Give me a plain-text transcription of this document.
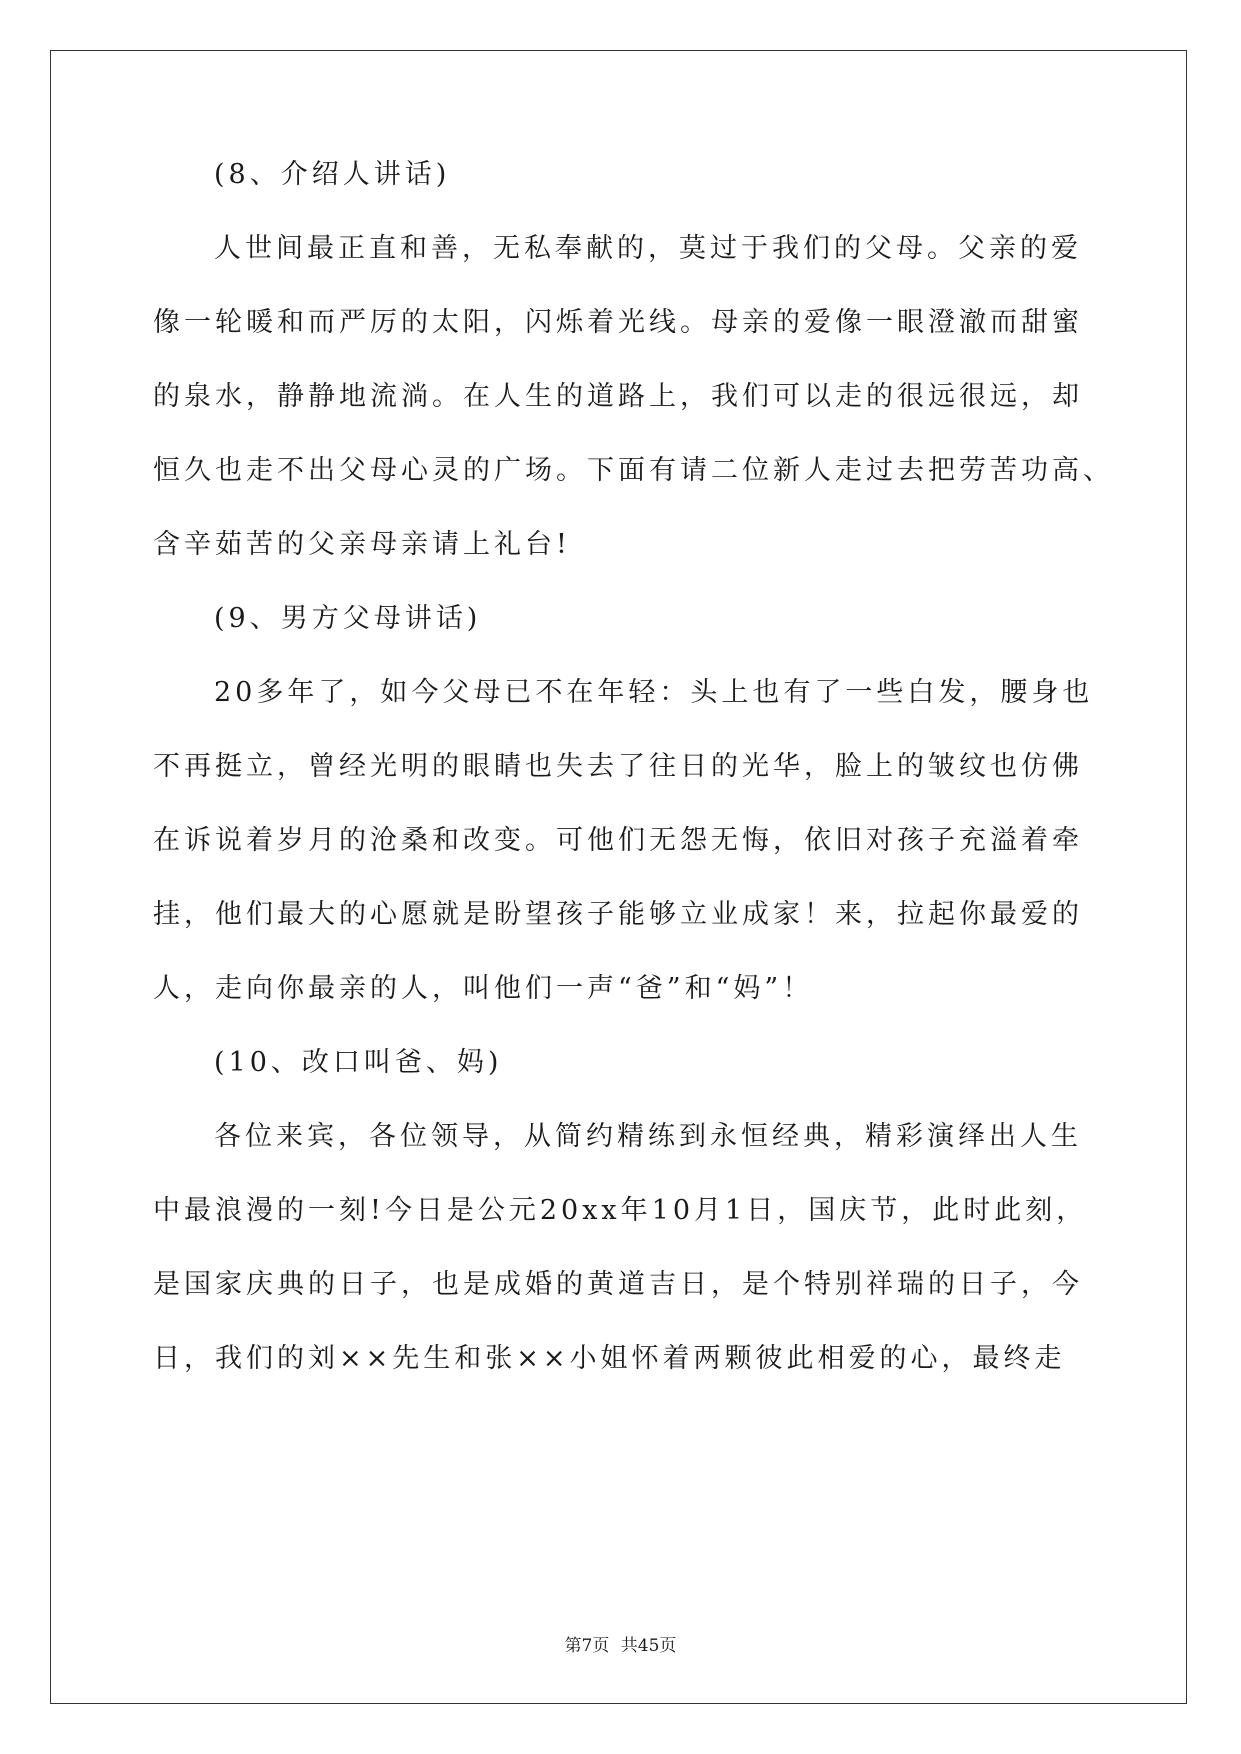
(8、介绍人讲话)
人世间最正直和善，无私奉献的，莫过于我们的父母。父亲的爱
像一轮暖和而严厉的太阳，闪烁着光线。母亲的爱像一眼澄澈而甜蜜
的泉水，静静地流淌。在人生的道路上，我们可以走的很远很远，却
恒久也走不出父母心灵的广场。下面有请二位新人走过去把劳苦功高、
含辛茹苦的父亲母亲请上礼台!
(9、男方父母讲话)
20多年了，如今父母已不在年轻：头上也有了一些白发，腰身也
不再挺立，曾经光明的眼睛也失去了往日的光华，脸上的皱纹也仿佛
在诉说着岁月的沧桑和改变。可他们无怨无悔，依旧对孩子充溢着牵
挂，他们最大的心愿就是盼望孩子能够立业成家！来，拉起你最爱的
人，走向你最亲的人，叫他们一声“爸”和“妈”！
(10、改口叫爸、妈)
各位来宾，各位领导，从简约精练到永恒经典，精彩演绎出人生
中最浪漫的一刻!今日是公元20xx年10月1日，国庆节，此时此刻，
是国家庆典的日子，也是成婚的黄道吉日，是个特别祥瑞的日子，今
日，我们的刘××先生和张××小姐怀着两颗彼此相爱的心，最终走
第7页 共45页
